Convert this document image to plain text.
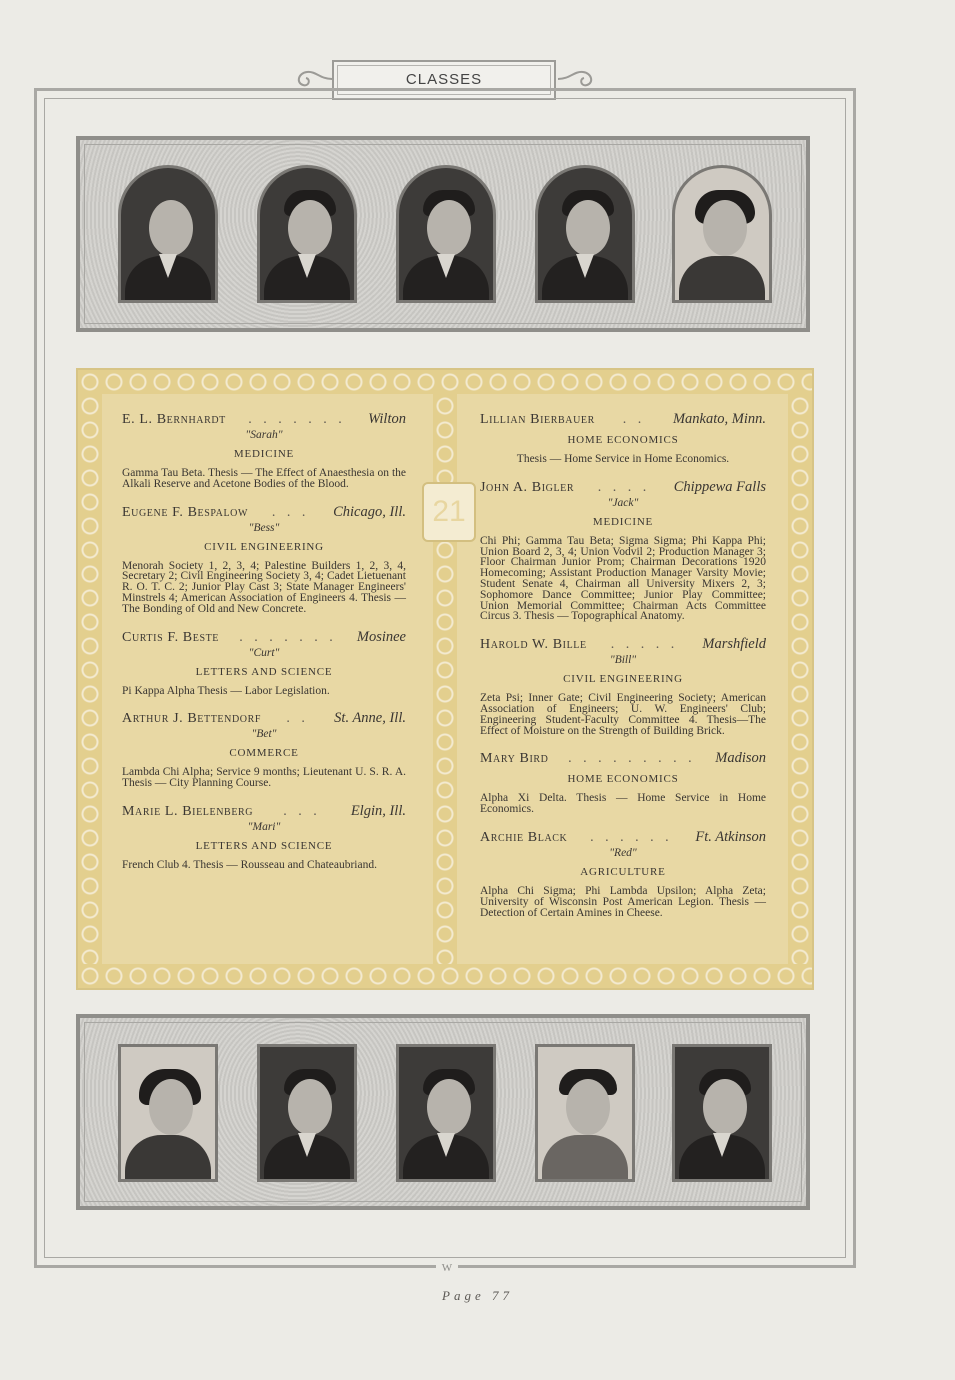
CLASSES
21
E. L. Bernhardt	. . . . . . .	Wilton
"Sarah"
MEDICINE
Gamma Tau Beta. Thesis — The Effect of Anaesthesia on the Alkali Reserve and Acetone Bodies of the Blood.
Eugene F. Bespalow	. . .	Chicago, Ill.
"Bess"
CIVIL ENGINEERING
Menorah Society 1, 2, 3, 4; Palestine Builders 1, 2, 3, 4, Secretary 2; Civil Engineering Society 3, 4; Cadet Lietuenant R. O. T. C. 2; Junior Play Cast 3; State Manager Engineers' Minstrels 4; American Association of Engineers 4. Thesis — The Bonding of Old and New Concrete.
Curtis F. Beste	. . . . . . .	Mosinee
"Curt"
LETTERS AND SCIENCE
Pi Kappa Alpha Thesis — Labor Legislation.
Arthur J. Bettendorf	. .	St. Anne, Ill.
"Bet"
COMMERCE
Lambda Chi Alpha; Service 9 months; Lieutenant U. S. R. A. Thesis — City Planning Course.
Marie L. Bielenberg	. . .	Elgin, Ill.
"Mari"
LETTERS AND SCIENCE
French Club 4. Thesis — Rousseau and Chateaubriand.
Lillian Bierbauer	. .	Mankato, Minn.
HOME ECONOMICS
Thesis — Home Service in Home Economics.
John A. Bigler	. . . .	Chippewa Falls
"Jack"
MEDICINE
Chi Phi; Gamma Tau Beta; Sigma Sigma; Phi Kappa Phi; Union Board 2, 3, 4; Union Vodvil 2; Production Manager 3; Floor Chairman Junior Prom; Chairman Decorations 1920 Homecoming; Assistant Production Manager Varsity Movie; Student Senate 4, Chairman all University Mixers 2, 3; Sophomore Dance Committee; Junior Play Committee; Union Memorial Committee; Chairman Acts Committee Circus 3. Thesis — Topographical Anatomy.
Harold W. Bille	. . . . .	Marshfield
"Bill"
CIVIL ENGINEERING
Zeta Psi; Inner Gate; Civil Engineering Society; American Association of Engineers; U. W. Engineers' Club; Engineering Student-Faculty Committee 4. Thesis—The Effect of Moisture on the Strength of Building Brick.
Mary Bird	. . . . . . . . .	Madison
HOME ECONOMICS
Alpha Xi Delta. Thesis — Home Service in Home Economics.
Archie Black	. . . . . .	Ft. Atkinson
"Red"
AGRICULTURE
Alpha Chi Sigma; Phi Lambda Upsilon; Alpha Zeta; University of Wisconsin Post American Legion. Thesis — Detection of Certain Amines in Cheese.
W
Page 77
